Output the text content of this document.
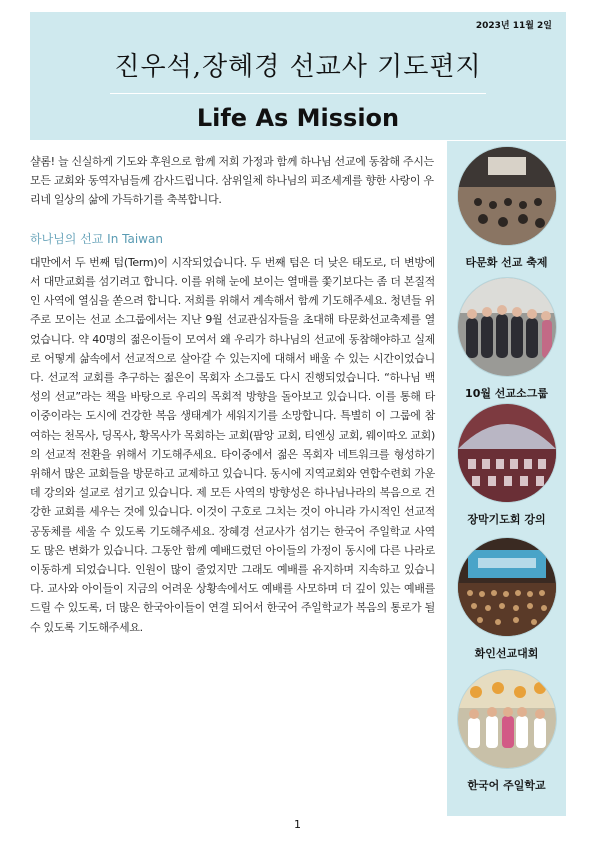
2023년 11월 2일
진우석,장혜경 선교사 기도편지
Life As Mission

샬롬! 늘 신실하게 기도와 후원으로 함께 저희 가정과 함께 하나님 선교에 동참해 주시는 모든 교회와 동역자님들께 감사드립니다. 삼위일체 하나님의 피조세계를 향한 사랑이 우리네 일상의 삶에 가득하기를 축복합니다.

하나님의 선교 In Taiwan

대만에서 두 번째 텀(Term)이 시작되었습니다. 두 번째 텀은 더 낮은 태도로, 더 변방에서 대만교회를 섬기려고 합니다. 이를 위해 눈에 보이는 열매를 쫓기보다는 좀 더 본질적인 사역에 열심을 쏟으려 합니다. 저희를 위해서 계속해서 함께 기도해주세요. 청년들 위주로 모이는 선교 소그룹에서는 지난 9월 선교관심자들을 초대해 타문화선교축제를 열었습니다. 약 40명의 젊은이들이 모여서 왜 우리가 하나님의 선교에 동참해야하고 실제로 어떻게 삶속에서 선교적으로 살아갈 수 있는지에 대해서 배울 수 있는 시간이었습니다. 선교적 교회를 추구하는 젊은이 목회자 소그룹도 다시 진행되었습니다. “하나님 백성의 선교”라는 책을 바탕으로 우리의 목회적 방향을 돌아보고 있습니다. 이를 통해 타이중이라는 도시에 건강한 복음 생태계가 세워지기를 소망합니다. 특별히 이 그룹에 참여하는 천목사, 딩목사, 황목사가 목회하는 교회(팜앙 교회, 티엔싱 교회, 웨이따오 교회)의 선교적 전환을 위해서 기도해주세요. 타이중에서 젊은 목회자 네트워크를 형성하기 위해서 많은 교회들을 방문하고 교제하고 있습니다. 동시에 지역교회와 연합수련회 가운데 강의와 설교로 섬기고 있습니다. 제 모든 사역의 방향성은 하나님나라의 복음으로 건강한 교회를 세우는 것에 있습니다. 이것이 구호로 그치는 것이 아니라 가시적인 선교적 공동체를 세울 수 있도록 기도해주세요. 장혜경 선교사가 섬기는 한국어 주일학교 사역도 많은 변화가 있습니다. 그동안 함께 예배드렸던 아이들의 가정이 동시에 다른 나라로 이동하게 되었습니다. 인원이 많이 줄었지만 그래도 예배를 유지하며 지속하고 있습니다. 교사와 아이들이 지금의 어려운 상황속에서도 예배를 사모하며 더 깊이 있는 예배를 드릴 수 있도록, 더 많은 한국아이들이 연결 되어서 한국어 주일학교가 복음의 통로가 될 수 있도록 기도해주세요.

타문화 선교 축제
10월 선교소그룹
장막기도회 강의
화인선교대회
한국어 주일학교
1
